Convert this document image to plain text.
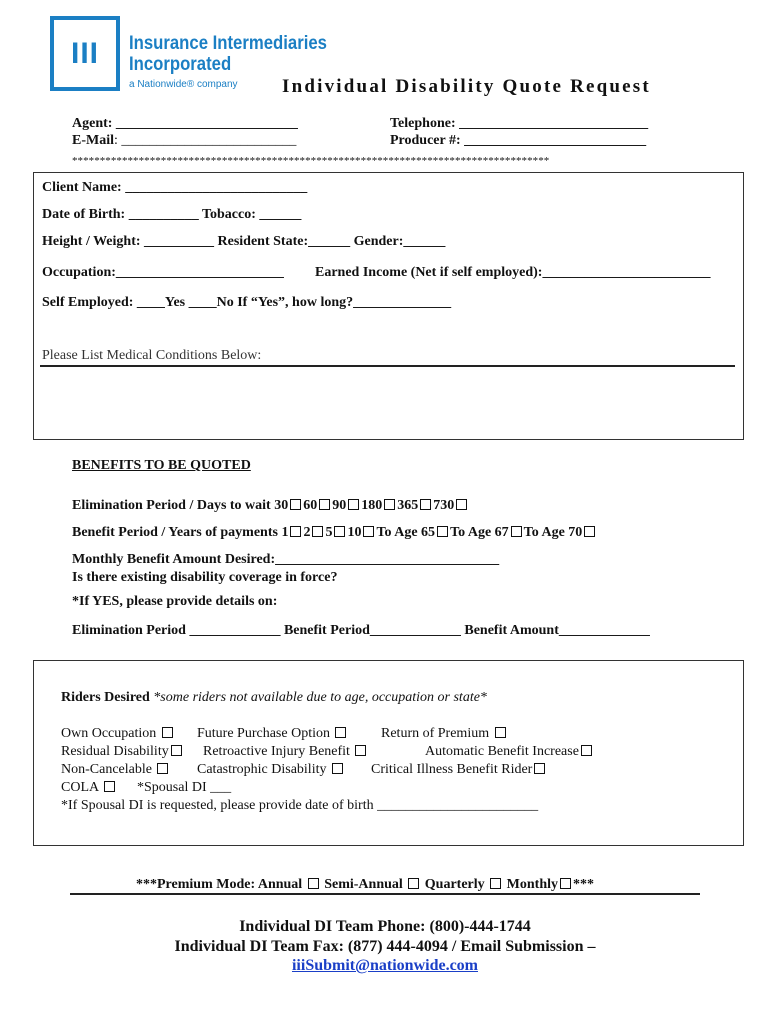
III Insurance Intermediaries
Incorporated
a Nationwide® company Individual Disability Quote Request
Agent: __________________________	Telephone: ___________________________
E-Mail: _________________________	Producer #: __________________________
**************************************************************************************
Client Name: __________________________
Date of Birth: __________ Tobacco: ______
Height / Weight: __________ Resident State:______ Gender:______
Occupation:________________________ Earned Income (Net if self employed):________________________
Self Employed: ____Yes ____No If “Yes”, how long?______________
Please List Medical Conditions Below:
BENEFITS TO BE QUOTED
Elimination Period / Days to wait 30 60 90 180 365 730
Benefit Period / Years of payments 1 2 5 10 To Age 65 To Age 67 To Age 70
Monthly Benefit Amount Desired:________________________________
Is there existing disability coverage in force?
*If YES, please provide details on:
Elimination Period _____________ Benefit Period_____________ Benefit Amount_____________
Riders Desired *some riders not available due to age, occupation or state*
Own Occupation	Future Purchase Option	Return of Premium
Residual Disability	Retroactive Injury Benefit	Automatic Benefit Increase
Non-Cancelable	Catastrophic Disability	Critical Illness Benefit Rider
COLA	*Spousal DI ___
*If Spousal DI is requested, please provide date of birth _______________________
***Premium Mode: Annual Semi-Annual Quarterly Monthly ***
Individual DI Team Phone: (800)-444-1744
Individual DI Team Fax: (877) 444-4094 / Email Submission –
iiiSubmit@nationwide.com
